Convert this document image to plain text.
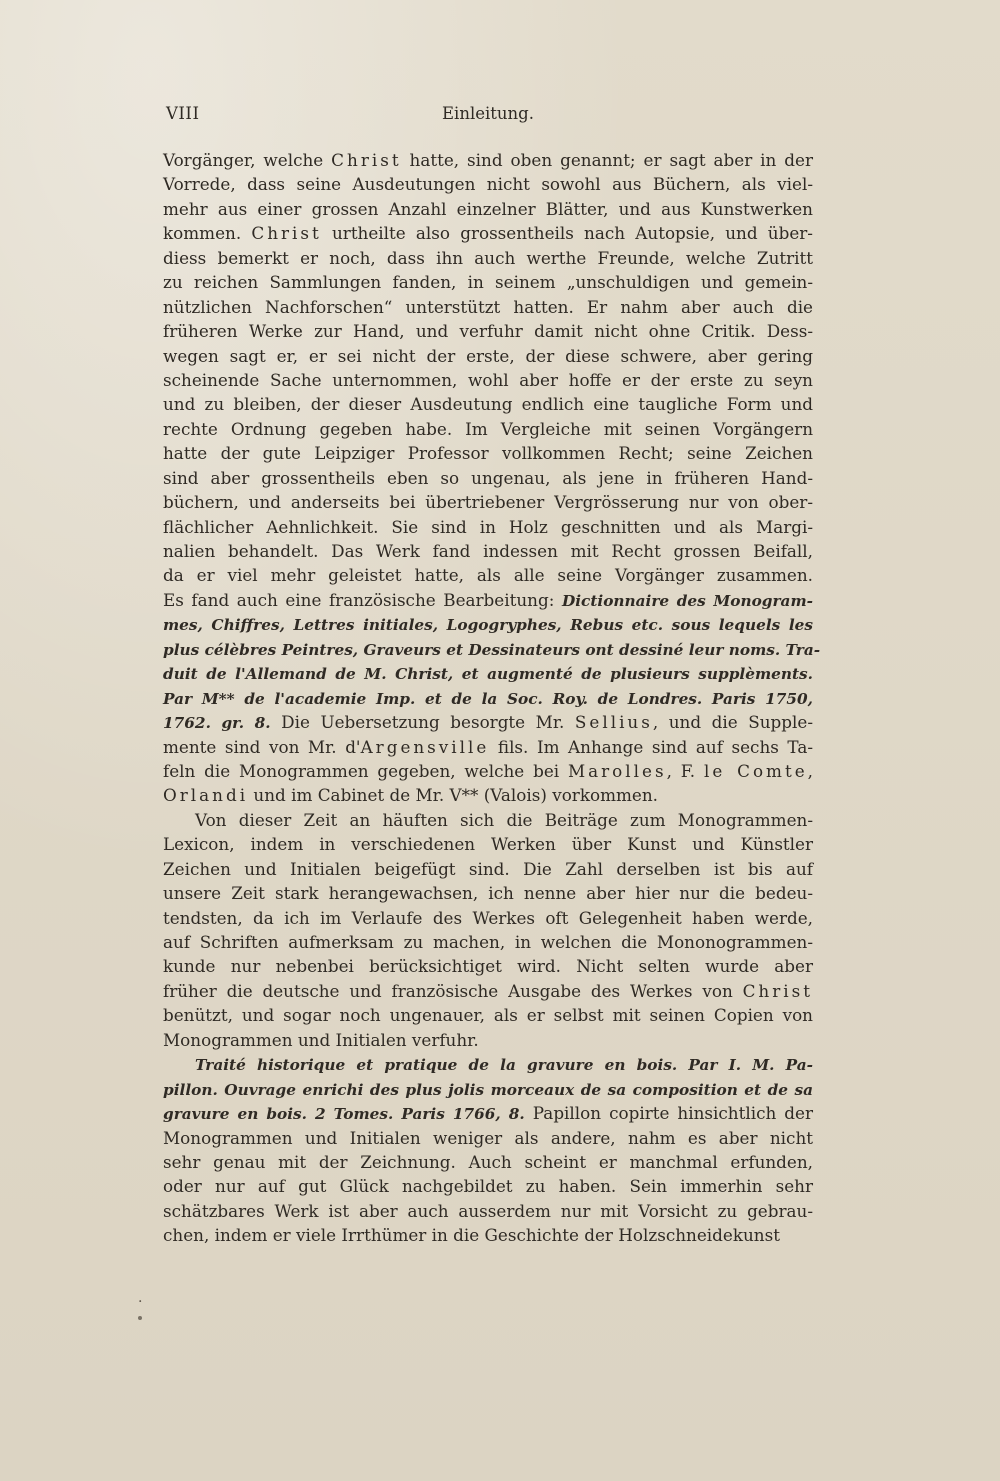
VIII	Einleitung.
Vorgänger, welche Christ hatte, sind oben genannt; er sagt aber in der
Vorrede, dass seine Ausdeutungen nicht sowohl aus Büchern, als viel-
mehr aus einer grossen Anzahl einzelner Blätter, und aus Kunstwerken
kommen. Christ urtheilte also grossentheils nach Autopsie, und über-
diess bemerkt er noch, dass ihn auch werthe Freunde, welche Zutritt
zu reichen Sammlungen fanden, in seinem „unschuldigen und gemein-
nützlichen Nachforschen“ unterstützt hatten. Er nahm aber auch die
früheren Werke zur Hand, und verfuhr damit nicht ohne Critik. Dess-
wegen sagt er, er sei nicht der erste, der diese schwere, aber gering
scheinende Sache unternommen, wohl aber hoffe er der erste zu seyn
und zu bleiben, der dieser Ausdeutung endlich eine taugliche Form und
rechte Ordnung gegeben habe. Im Vergleiche mit seinen Vorgängern
hatte der gute Leipziger Professor vollkommen Recht; seine Zeichen
sind aber grossentheils eben so ungenau, als jene in früheren Hand-
büchern, und anderseits bei übertriebener Vergrösserung nur von ober-
flächlicher Aehnlichkeit. Sie sind in Holz geschnitten und als Margi-
nalien behandelt. Das Werk fand indessen mit Recht grossen Beifall,
da er viel mehr geleistet hatte, als alle seine Vorgänger zusammen.
Es fand auch eine französische Bearbeitung: Dictionnaire des Monogram-
mes, Chiffres, Lettres initiales, Logogryphes, Rebus etc. sous lequels les
plus célèbres Peintres, Graveurs et Dessinateurs ont dessiné leur noms. Tra-
duit de l'Allemand de M. Christ, et augmenté de plusieurs supplèments.
Par M** de l'academie Imp. et de la Soc. Roy. de Londres. Paris 1750,
1762. gr. 8. Die Uebersetzung besorgte Mr. Sellius, und die Supple-
mente sind von Mr. d'Argensville fils. Im Anhange sind auf sechs Ta-
feln die Monogrammen gegeben, welche bei Marolles, F. le Comte,
Orlandi und im Cabinet de Mr. V** (Valois) vorkommen.
Von dieser Zeit an häuften sich die Beiträge zum Monogrammen-
Lexicon, indem in verschiedenen Werken über Kunst und Künstler
Zeichen und Initialen beigefügt sind. Die Zahl derselben ist bis auf
unsere Zeit stark herangewachsen, ich nenne aber hier nur die bedeu-
tendsten, da ich im Verlaufe des Werkes oft Gelegenheit haben werde,
auf Schriften aufmerksam zu machen, in welchen die Mononogrammen-
kunde nur nebenbei berücksichtiget wird. Nicht selten wurde aber
früher die deutsche und französische Ausgabe des Werkes von Christ
benützt, und sogar noch ungenauer, als er selbst mit seinen Copien von
Monogrammen und Initialen verfuhr.
Traité historique et pratique de la gravure en bois. Par I. M. Pa-
pillon. Ouvrage enrichi des plus jolis morceaux de sa composition et de sa
gravure en bois. 2 Tomes. Paris 1766, 8. Papillon copirte hinsichtlich der
Monogrammen und Initialen weniger als andere, nahm es aber nicht
sehr genau mit der Zeichnung. Auch scheint er manchmal erfunden,
oder nur auf gut Glück nachgebildet zu haben. Sein immerhin sehr
schätzbares Werk ist aber auch ausserdem nur mit Vorsicht zu gebrau-
chen, indem er viele Irrthümer in die Geschichte der Holzschneidekunst
.
